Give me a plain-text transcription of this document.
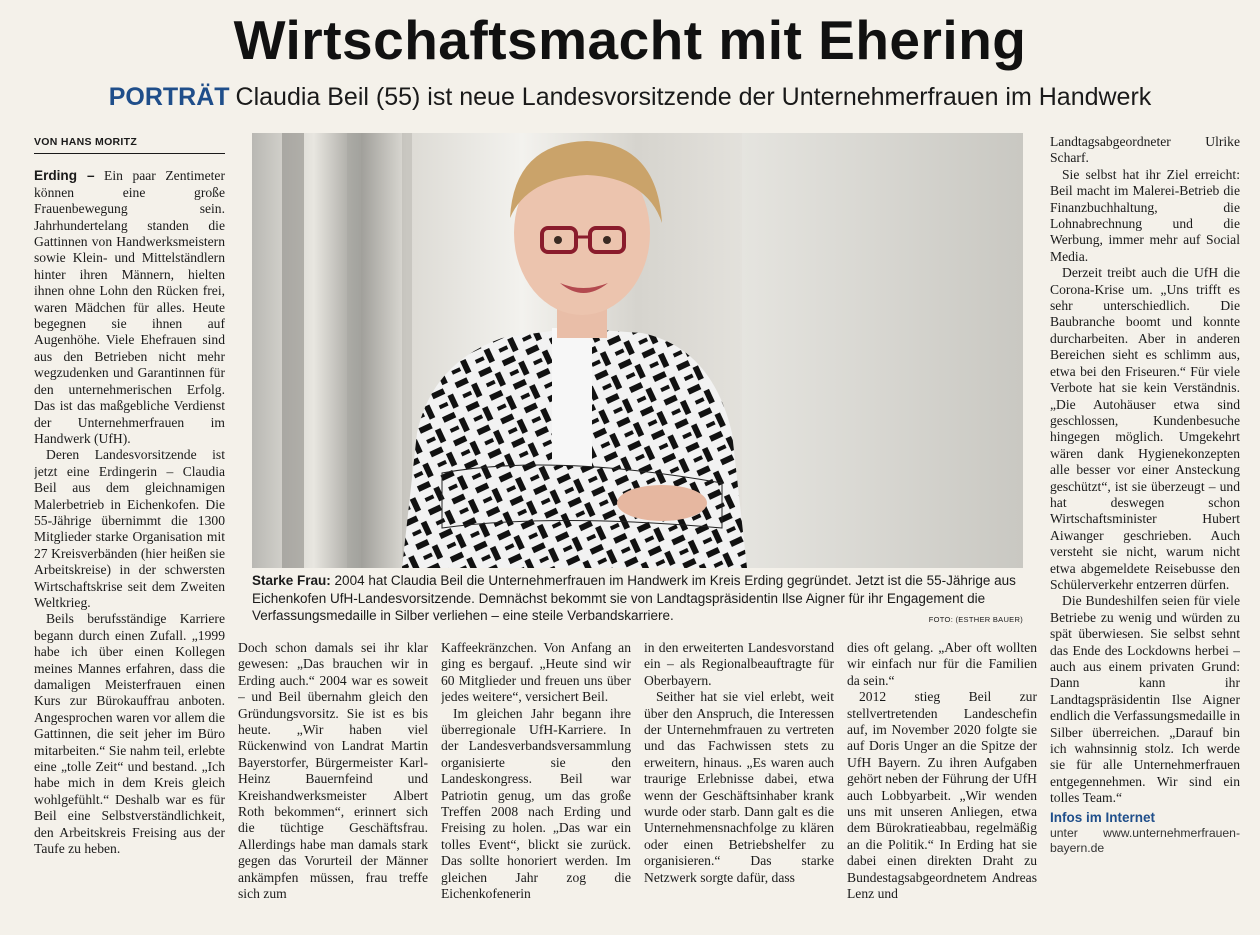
Wirtschaftsmacht mit Ehering
PORTRÄT Claudia Beil (55) ist neue Landesvorsitzende der Unternehmerfrauen im Handwerk
VON HANS MORITZ

Erding – Ein paar Zentimeter können eine große Frauenbewegung sein. Jahrhundertelang standen die Gattinnen von Handwerksmeistern sowie Klein- und Mittelständlern hinter ihren Männern, hielten ihnen ohne Lohn den Rücken frei, waren Mädchen für alles. Heute begegnen sie ihnen auf Augenhöhe. Viele Ehefrauen sind aus den Betrieben nicht mehr wegzudenken und Garantinnen für den unternehmerischen Erfolg. Das ist das maßgebliche Verdienst der Unternehmerfrauen im Handwerk (UfH).

Deren Landesvorsitzende ist jetzt eine Erdingerin – Claudia Beil aus dem gleichnamigen Malerbetrieb in Eichenkofen. Die 55-Jährige übernimmt die 1300 Mitglieder starke Organisation mit 27 Kreisverbänden (hier heißen sie Arbeitskreise) in der schwersten Wirtschaftskrise seit dem Zweiten Weltkrieg.

Beils berufsständige Karriere begann durch einen Zufall. „1999 habe ich über einen Kollegen meines Mannes erfahren, dass die damaligen Meisterfrauen einen Kurs zur Bürokauffrau anboten. Angesprochen waren vor allem die Gattinnen, die seit jeher im Büro mitarbeiten.“ Sie nahm teil, erlebte eine „tolle Zeit“ und bestand. „Ich habe mich in dem Kreis gleich wohlgefühlt.“ Deshalb war es für Beil eine Selbstverständlichkeit, den Arbeitskreis Freising aus der Taufe zu heben.

Starke Frau: 2004 hat Claudia Beil die Unternehmerfrauen im Handwerk im Kreis Erding gegründet. Jetzt ist die 55-Jährige aus Eichenkofen UfH-Landesvorsitzende. Demnächst bekommt sie von Landtagspräsidentin Ilse Aigner für ihr Engagement die Verfassungsmedaille in Silber verliehen – eine steile Verbandskarriere.	FOTO: (ESTHER BAUER)

Doch schon damals sei ihr klar gewesen: „Das brauchen wir in Erding auch.“ 2004 war es soweit – und Beil übernahm gleich den Gründungsvorsitz. Sie ist es bis heute. „Wir haben viel Rückenwind von Landrat Martin Bayerstorfer, Bürgermeister Karl-Heinz Bauernfeind und Kreishandwerksmeister Albert Roth bekommen“, erinnert sich die tüchtige Geschäftsfrau. Allerdings habe man damals stark gegen das Vorurteil der Männer ankämpfen müssen, frau treffe sich zum

Kaffeekränzchen. Von Anfang an ging es bergauf. „Heute sind wir 60 Mitglieder und freuen uns über jedes weitere“, versichert Beil.

Im gleichen Jahr begann ihre überregionale UfH-Karriere. In der Landesverbandsversammlung organisierte sie den Landeskongress. Beil war Patriotin genug, um das große Treffen 2008 nach Erding und Freising zu holen. „Das war ein tolles Event“, blickt sie zurück. Das sollte honoriert werden. Im gleichen Jahr zog die Eichenkofenerin

in den erweiterten Landesvorstand ein – als Regionalbeauftragte für Oberbayern.

Seither hat sie viel erlebt, weit über den Anspruch, die Interessen der Unternehmfrauen zu vertreten und das Fachwissen stets zu erweitern, hinaus. „Es waren auch traurige Erlebnisse dabei, etwa wenn der Geschäftsinhaber krank wurde oder starb. Dann galt es die Unternehmensnachfolge zu klären oder einen Betriebshelfer zu organisieren.“ Das starke Netzwerk sorgte dafür, dass

dies oft gelang. „Aber oft wollten wir einfach nur für die Familien da sein.“

2012 stieg Beil zur stellvertretenden Landeschefin auf, im November 2020 folgte sie auf Doris Unger an die Spitze der UfH Bayern. Zu ihren Aufgaben gehört neben der Führung der UfH auch Lobbyarbeit. „Wir wenden uns mit unseren Anliegen, etwa dem Bürokratieabbau, regelmäßig an die Politik.“ In Erding hat sie dabei einen direkten Draht zu Bundestagsabgeordnetem Andreas Lenz und

Landtagsabgeordneter Ulrike Scharf.

Sie selbst hat ihr Ziel erreicht: Beil macht im Malerei-Betrieb die Finanzbuchhaltung, die Lohnabrechnung und die Werbung, immer mehr auf Social Media.

Derzeit treibt auch die UfH die Corona-Krise um. „Uns trifft es sehr unterschiedlich. Die Baubranche boomt und konnte durcharbeiten. Aber in anderen Bereichen sieht es schlimm aus, etwa bei den Friseuren.“ Für viele Verbote hat sie kein Verständnis. „Die Autohäuser etwa sind geschlossen, Kundenbesuche hingegen möglich. Umgekehrt wären dank Hygienekonzepten alle besser vor einer Ansteckung geschützt“, ist sie überzeugt – und hat deswegen schon Wirtschaftsminister Hubert Aiwanger geschrieben. Auch versteht sie nicht, warum nicht etwa abgemeldete Reisebusse den Schülerverkehr entzerren dürfen.

Die Bundeshilfen seien für viele Betriebe zu wenig und würden zu spät überwiesen. Sie selbst sehnt das Ende des Lockdowns herbei – auch aus einem privaten Grund: Dann kann ihr Landtagspräsidentin Ilse Aigner endlich die Verfassungsmedaille in Silber überreichen. „Darauf bin ich wahnsinnig stolz. Ich werde sie für alle Unternehmerfrauen entgegennehmen. Wir sind ein tolles Team.“

Infos im Internet
unter www.unternehmerfrauen-bayern.de
